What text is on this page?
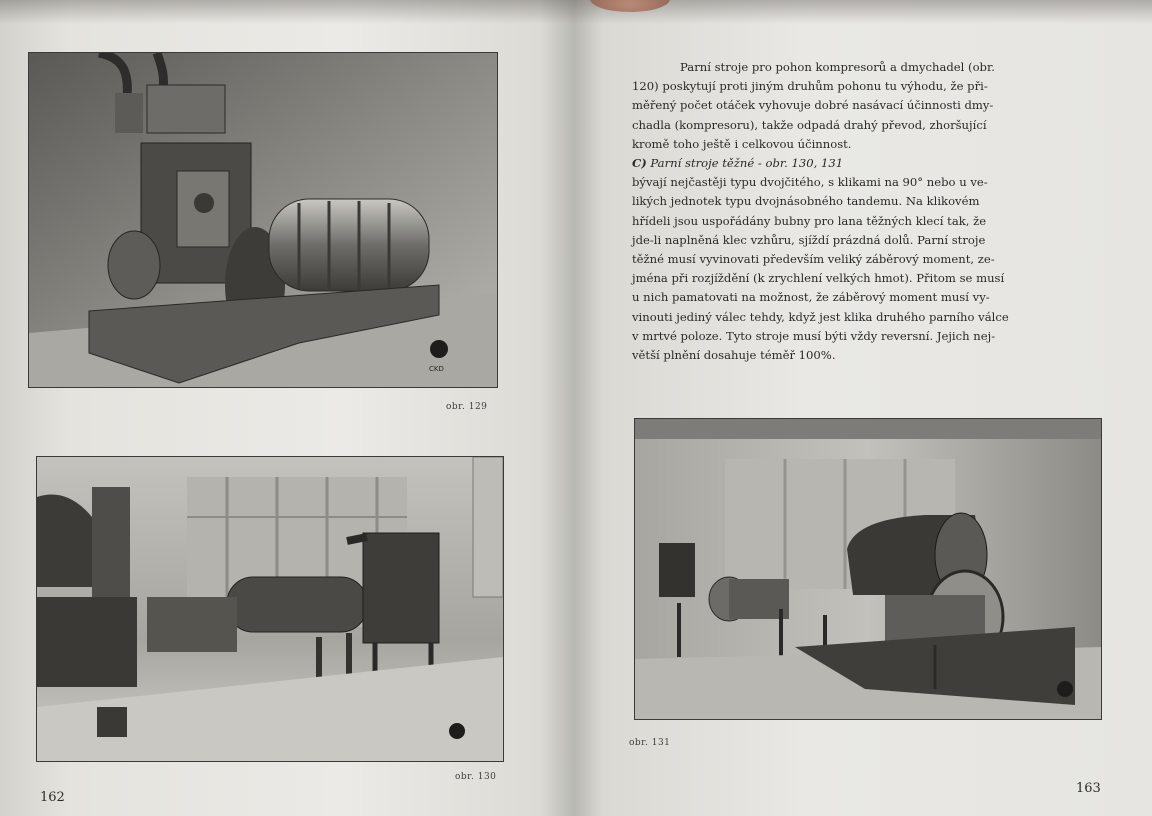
CKD
obr. 129
obr. 130
162
163
obr. 131

Parní stroje pro pohon kompresorů a dmychadel (obr.

120) poskytují proti jiným druhům pohonu tu výhodu, že při-
měřený počet otáček vyhovuje dobré nasávací účinnosti dmy-
chadla (kompresoru), takže odpadá drahý převod, zhoršující
kromě toho ještě i celkovou účinnost.

C) Parní stroje těžné - obr. 130, 131

bývají nejčastěji typu dvojčitého, s klikami na 90° nebo u ve-
likých jednotek typu dvojnásobného tandemu. Na klikovém
hřídeli jsou uspořádány bubny pro lana těžných klecí tak, že
jde-li naplněná klec vzhůru, sjíždí prázdná dolů. Parní stroje
těžné musí vyvinovati především veliký záběrový moment, ze-
jména při rozjíždění (k zrychlení velkých hmot). Přitom se musí
u nich pamatovati na možnost, že záběrový moment musí vy-
vinouti jediný válec tehdy, když jest klika druhého parního válce
v mrtvé poloze. Tyto stroje musí býti vždy reversní. Jejich nej-
větší plnění dosahuje téměř 100%.
